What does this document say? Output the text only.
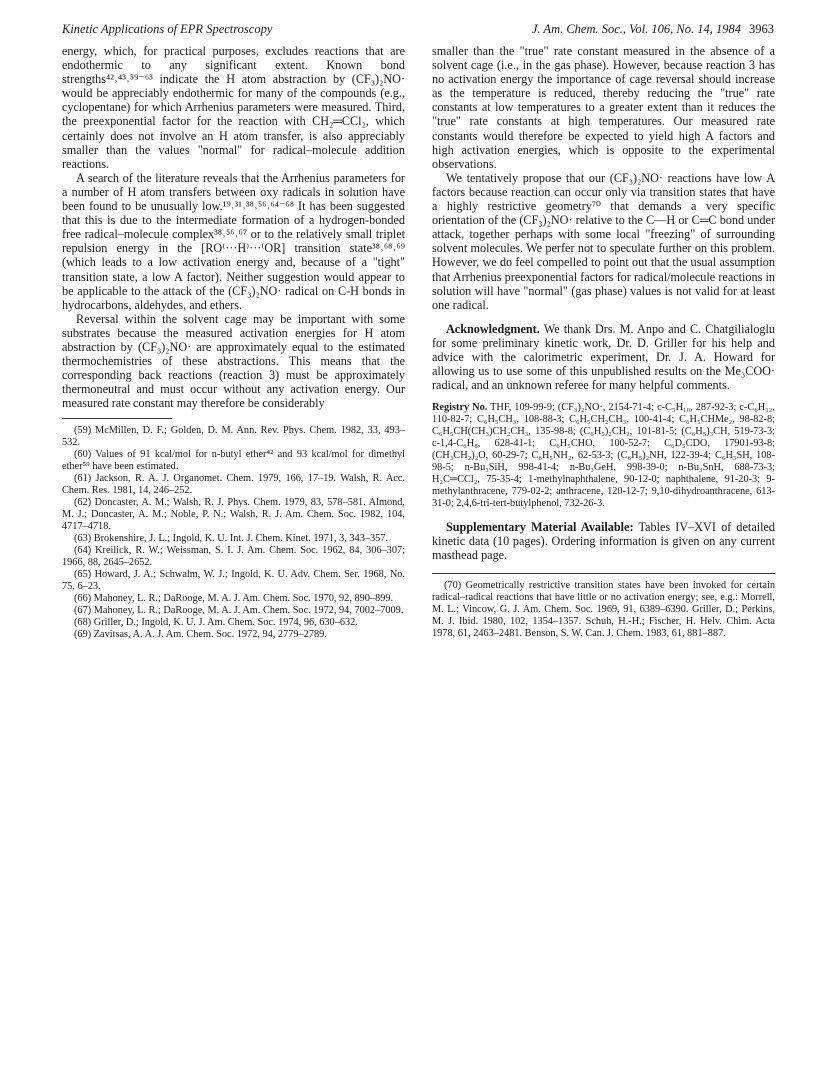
Kinetic Applications of EPR Spectroscopy	J. Am. Chem. Soc., Vol. 106, No. 14, 1984 3963

energy, which, for practical purposes, excludes reactions that are endothermic to any significant extent. Known bond strengths⁴²˒⁴³˒⁵⁹⁻⁶³ indicate the H atom abstraction by (CF₃)₂NO· would be appreciably endothermic for many of the compounds (e.g., cyclopentane) for which Arrhenius parameters were measured. Third, the preexponential factor for the reaction with CH₂═CCl₂, which certainly does not involve an H atom transfer, is also appreciably smaller than the values "normal" for radical–molecule addition reactions.

A search of the literature reveals that the Arrhenius parameters for a number of H atom transfers between oxy radicals in solution have been found to be unusually low.¹⁹˒³¹˒³⁸˒⁵⁶˒⁶⁴⁻⁶⁸ It has been suggested that this is due to the intermediate formation of a hydrogen-bonded free radical–molecule complex³⁸˒⁵⁶˒⁶⁷ or to the relatively small triplet repulsion energy in the [RO⁽···H⁾···⁽OR] transition state³⁸˒⁶⁸˒⁶⁹ (which leads to a low activation energy and, because of a "tight" transition state, a low A factor). Neither suggestion would appear to be applicable to the attack of the (CF₃)₂NO· radical on C-H bonds in hydrocarbons, aldehydes, and ethers.

Reversal within the solvent cage may be important with some substrates because the measured activation energies for H atom abstraction by (CF₃)₂NO· are approximately equal to the estimated thermochemistries of these abstractions. This means that the corresponding back reactions (reaction 3) must be approximately thermoneutral and must occur without any activation energy. Our measured rate constant may therefore be considerably

(59) McMillen, D. F.; Golden, D. M. Ann. Rev. Phys. Chem. 1982, 33, 493–532.
(60) Values of 91 kcal/mol for n-butyl ether⁴² and 93 kcal/mol for dimethyl ether⁵⁹ have been estimated.
(61) Jackson, R. A. J. Organomet. Chem. 1979, 166, 17–19. Walsh, R. Acc. Chem. Res. 1981, 14, 246–252.
(62) Doncaster, A. M.; Walsh, R. J. Phys. Chem. 1979, 83, 578–581. Almond, M. J.; Doncaster, A. M.; Noble, P. N.; Walsh, R. J. Am. Chem. Soc. 1982, 104, 4717–4718.
(63) Brokenshire, J. L.; Ingold, K. U. Int. J. Chem. Kinet. 1971, 3, 343–357.
(64) Kreilick, R. W.; Weissman, S. I. J. Am. Chem. Soc. 1962, 84, 306–307; 1966, 88, 2645–2652.
(65) Howard, J. A.; Schwalm, W. J.; Ingold, K. U. Adv. Chem. Ser. 1968, No. 75, 6–23.
(66) Mahoney, L. R.; DaRooge, M. A. J. Am. Chem. Soc. 1970, 92, 890–899.
(67) Mahoney, L. R.; DaRooge, M. A. J. Am. Chem. Soc. 1972, 94, 7002–7009.
(68) Griller, D.; Ingold, K. U. J. Am. Chem. Soc. 1974, 96, 630–632.
(69) Zavitsas, A. A. J. Am. Chem. Soc. 1972, 94, 2779–2789.

smaller than the "true" rate constant measured in the absence of a solvent cage (i.e., in the gas phase). However, because reaction 3 has no activation energy the importance of cage reversal should increase as the temperature is reduced, thereby reducing the "true" rate constants at low temperatures to a greater extent than it reduces the "true" rate constants at high temperatures. Our measured rate constants would therefore be expected to yield high A factors and high activation energies, which is opposite to the experimental observations.

We tentatively propose that our (CF₃)₂NO· reactions have low A factors because reaction can occur only via transition states that have a highly restrictive geometry⁷⁰ that demands a very specific orientation of the (CF₃)₂NO· relative to the C—H or C═C bond under attack, together perhaps with some local "freezing" of surrounding solvent molecules. We perfer not to speculate further on this problem. However, we do feel compelled to point out that the usual assumption that Arrhenius preexponential factors for radical/molecule reactions in solution will have "normal" (gas phase) values is not valid for at least one radical.

Acknowledgment. We thank Drs. M. Anpo and C. Chatgilialoglu for some preliminary kinetic work, Dr. D. Griller for his help and advice with the calorimetric experiment, Dr. J. A. Howard for allowing us to use some of this unpublished results on the Me₃COO· radical, and an unknown referee for many helpful comments.

Registry No. THF, 109-99-9; (CF₃)₂NO·, 2154-71-4; c-C₅H₁₀, 287-92-3; c-C₆H₁₂, 110-82-7; C₆H₅CH₃, 108-88-3; C₆H₅CH₂CH₃, 100-41-4; C₆H₅CHMe₂, 98-82-8; C₆H₅CH(CH₃)CH₂CH₃, 135-98-8; (C₆H₅)₂CH₂, 101-81-5; (C₆H₅)₃CH, 519-73-3; c-1,4-C₆H₈, 628-41-1; C₆H₅CHO, 100-52-7; C₆D₅CDO, 17901-93-8; (CH₃CH₂)₂O, 60-29-7; C₆H₅NH₂, 62-53-3; (C₆H₅)₂NH, 122-39-4; C₆H₅SH, 108-98-5; n-Bu₃SiH, 998-41-4; n-Bu₃GeH, 998-39-0; n-Bu₃SnH, 688-73-3; H₂C═CCl₂, 75-35-4; 1-methylnaphthalene, 90-12-0; naphthalene, 91-20-3; 9-methylanthracene, 779-02-2; anthracene, 120-12-7; 9,10-dihydroanthracene, 613-31-0; 2,4,6-tri-tert-butylphenol, 732-26-3.

Supplementary Material Available: Tables IV–XVI of detailed kinetic data (10 pages). Ordering information is given on any current masthead page.

(70) Geometrically restrictive transition states have been invoked for certain radical–radical reactions that have little or no activation energy; see, e.g.: Morrell, M. L.; Vincow, G. J. Am. Chem. Soc. 1969, 91, 6389–6390. Griller, D.; Perkins, M. J. Ibid. 1980, 102, 1354–1357. Schuh, H.-H.; Fischer, H. Helv. Chim. Acta 1978, 61, 2463–2481. Benson, S. W. Can. J. Chem. 1983, 61, 881–887.
